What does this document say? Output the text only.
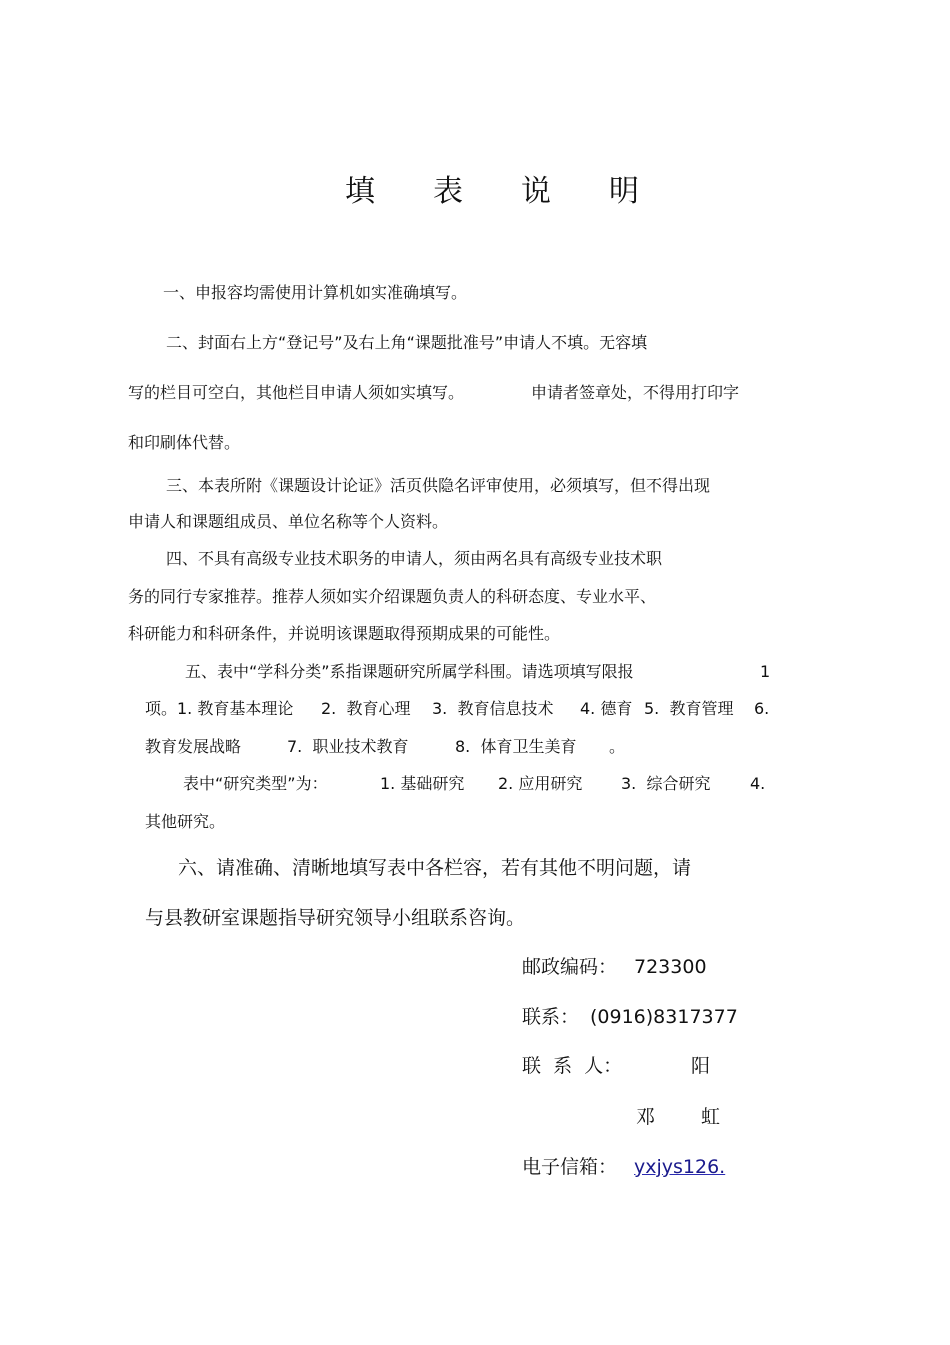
填 表 说 明
一、申报容均需使用计算机如实准确填写。
二、封面右上方“登记号”及右上角“课题批准号”申请人不填。无容填
写的栏目可空白，其他栏目申请人须如实填写。	申请者签章处，不得用打印字
和印刷体代替。
三、本表所附《课题设计论证》活页供隐名评审使用，必须填写，但不得出现
申请人和课题组成员、单位名称等个人资料。
四、不具有高级专业技术职务的申请人，须由两名具有高级专业技术职
务的同行专家推荐。推荐人须如实介绍课题负责人的科研态度、专业水平、
科研能力和科研条件，并说明该课题取得预期成果的可能性。
五、表中“学科分类”系指课题研究所属学科围。请选项填写限报	1
项。1. 教育基本理论 2.  教育心理 3.  教育信息技术 4. 德育 5.  教育管理 6.
教育发展战略	7.  职业技术教育	8.  体育卫生美育 。
表中“研究类型”为：	1. 基础研究 2. 应用研究 3.  综合研究 4.
其他研究。
六、请准确、清晰地填写表中各栏容，若有其他不明问题，请
与县教研室课题指导研究领导小组联系咨询。
邮政编码： 723300
联系： (0916)8317377
联  系  人：	阳
邓 虹
电子信箱： yxjys126.
